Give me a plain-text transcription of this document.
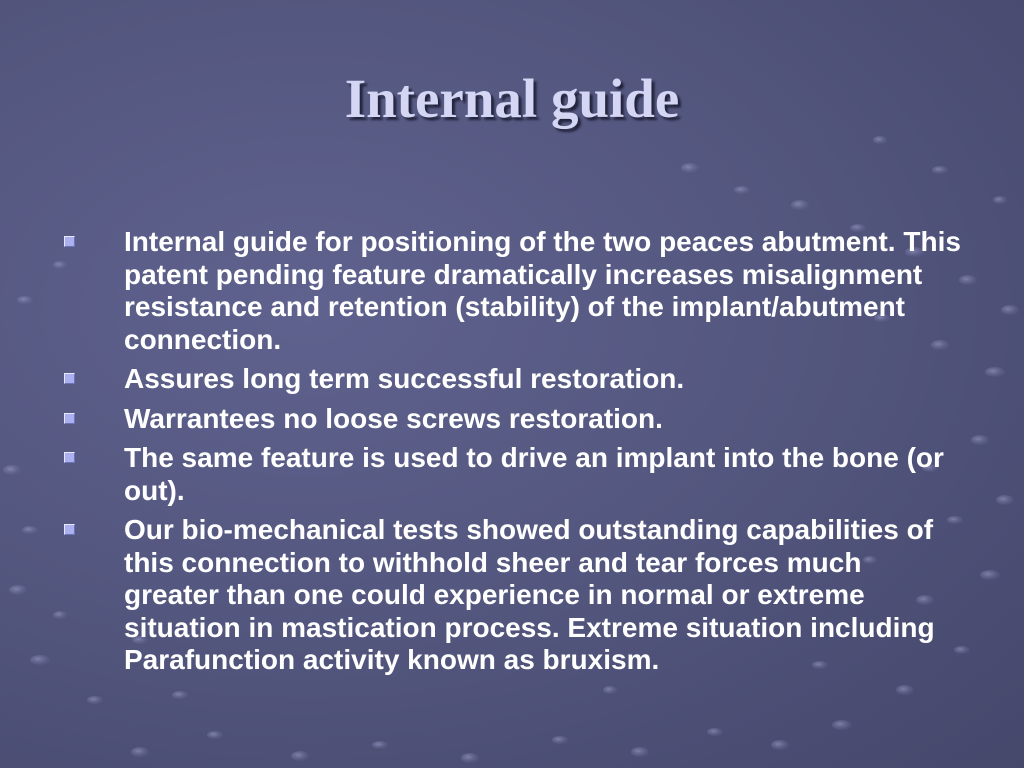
Internal guide
Internal guide for positioning of the two peaces abutment. This patent pending feature dramatically increases misalignment resistance and retention (stability) of the implant/abutment connection.
Assures long term successful restoration.
Warrantees no loose screws restoration.
The same feature is used to drive an implant into the bone (or out).
Our bio-mechanical tests showed outstanding capabilities of this connection to withhold sheer and tear forces much greater than one could experience in normal or extreme situation in mastication process. Extreme situation including Parafunction activity known as bruxism.
